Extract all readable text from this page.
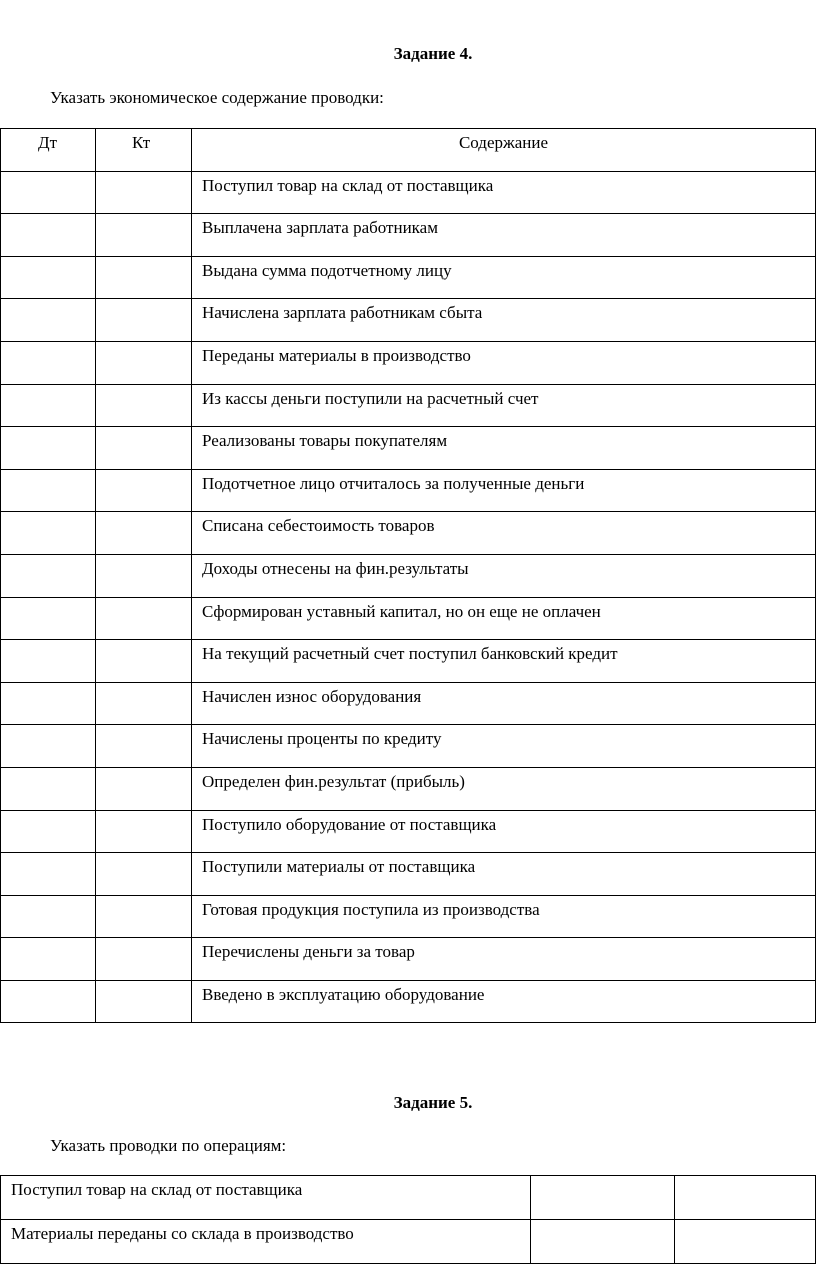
Задание 4.
Указать экономическое содержание проводки:
Дт	Кт	Содержание
		Поступил товар на склад от поставщика
		Выплачена зарплата работникам
		Выдана сумма подотчетному лицу
		Начислена зарплата работникам сбыта
		Переданы материалы в производство
		Из кассы деньги поступили на расчетный счет
		Реализованы товары покупателям
		Подотчетное лицо отчиталось за полученные деньги
		Списана себестоимость товаров
		Доходы отнесены на фин.результаты
		Сформирован уставный капитал, но он еще не оплачен
		На текущий расчетный счет поступил банковский кредит
		Начислен износ оборудования
		Начислены проценты по кредиту
		Определен фин.результат (прибыль)
		Поступило оборудование от поставщика
		Поступили материалы от поставщика
		Готовая продукция поступила из производства
		Перечислены деньги за товар
		Введено в эксплуатацию оборудование
Задание 5.
Указать проводки по операциям:
Поступил товар на склад от поставщика		
Материалы переданы со склада в производство		
